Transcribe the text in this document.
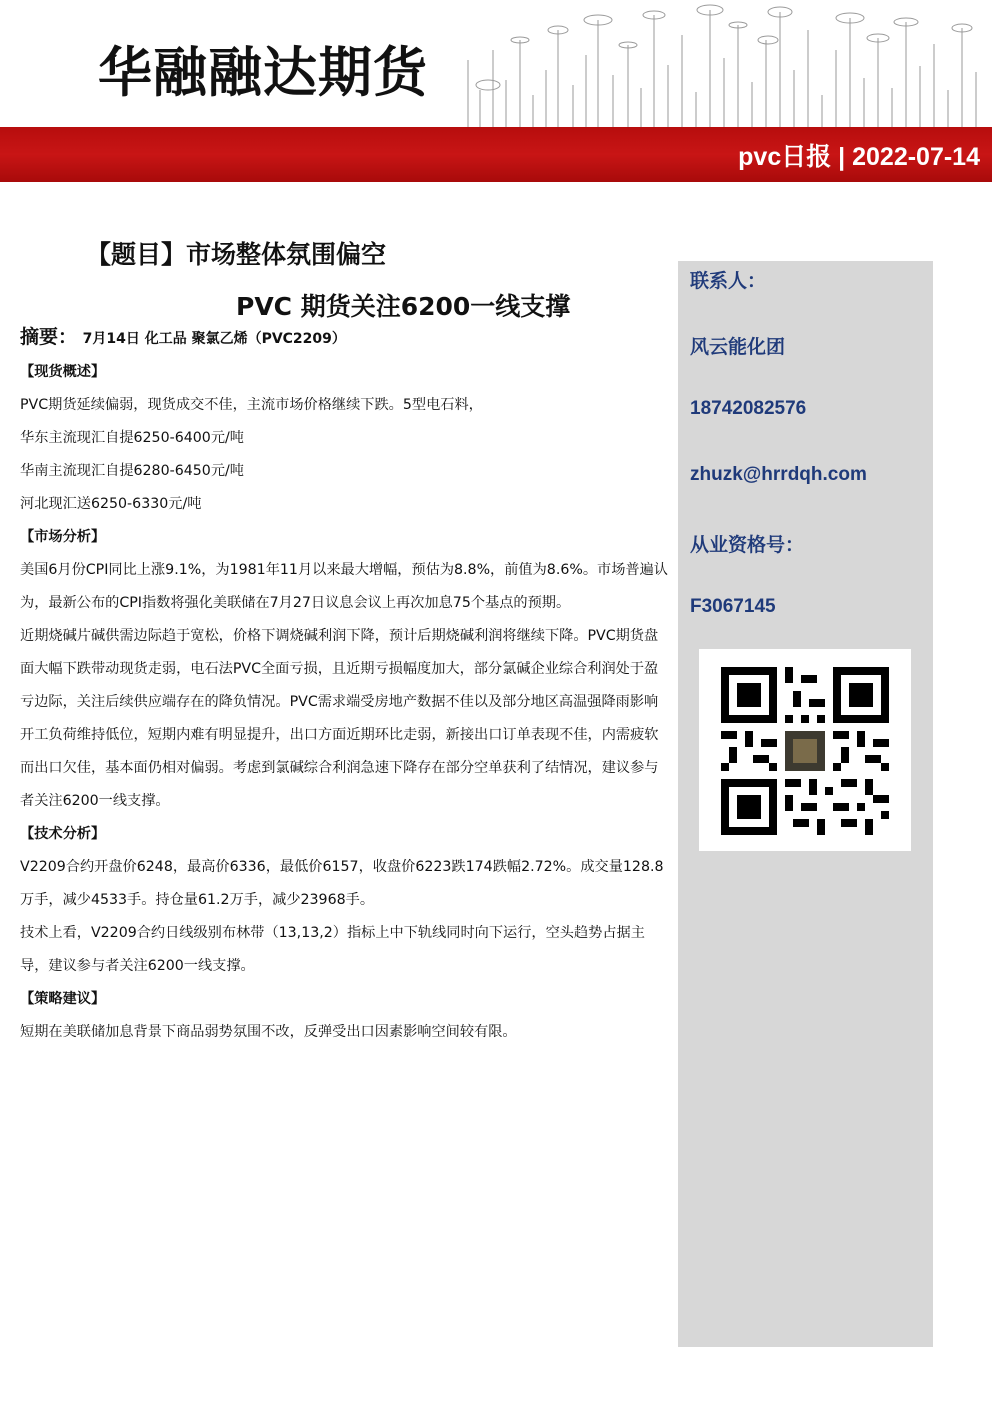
华融融达期货
pvc日报 | 2022-07-14
联系人：
风云能化团
18742082576
zhuzk@hrrdqh.com
从业资格号：
F3067145
【题目】市场整体氛围偏空
PVC 期货关注6200一线支撑
摘要： 7月14日 化工品 聚氯乙烯（PVC2209）
【现货概述】

PVC期货延续偏弱，现货成交不佳，主流市场价格继续下跌。5型电石料，

华东主流现汇自提6250-6400元/吨

华南主流现汇自提6280-6450元/吨

河北现汇送6250-6330元/吨

【市场分析】

美国6月份CPI同比上涨9.1%，为1981年11月以来最大增幅，预估为8.8%，前值为8.6%。市场普遍认为，最新公布的CPI指数将强化美联储在7月27日议息会议上再次加息75个基点的预期。

近期烧碱片碱供需边际趋于宽松，价格下调烧碱利润下降，预计后期烧碱利润将继续下降。PVC期货盘面大幅下跌带动现货走弱，电石法PVC全面亏损，且近期亏损幅度加大，部分氯碱企业综合利润处于盈亏边际，关注后续供应端存在的降负情况。PVC需求端受房地产数据不佳以及部分地区高温强降雨影响开工负荷维持低位，短期内难有明显提升，出口方面近期环比走弱，新接出口订单表现不佳，内需疲软而出口欠佳，基本面仍相对偏弱。考虑到氯碱综合利润急速下降存在部分空单获利了结情况，建议参与者关注6200一线支撑。

【技术分析】

V2209合约开盘价6248，最高价6336，最低价6157，收盘价6223跌174跌幅2.72%。成交量128.8万手，减少4533手。持仓量61.2万手，减少23968手。

技术上看，V2209合约日线级别布林带（13,13,2）指标上中下轨线同时向下运行，空头趋势占据主导，建议参与者关注6200一线支撑。

【策略建议】

短期在美联储加息背景下商品弱势氛围不改，反弹受出口因素影响空间较有限。
